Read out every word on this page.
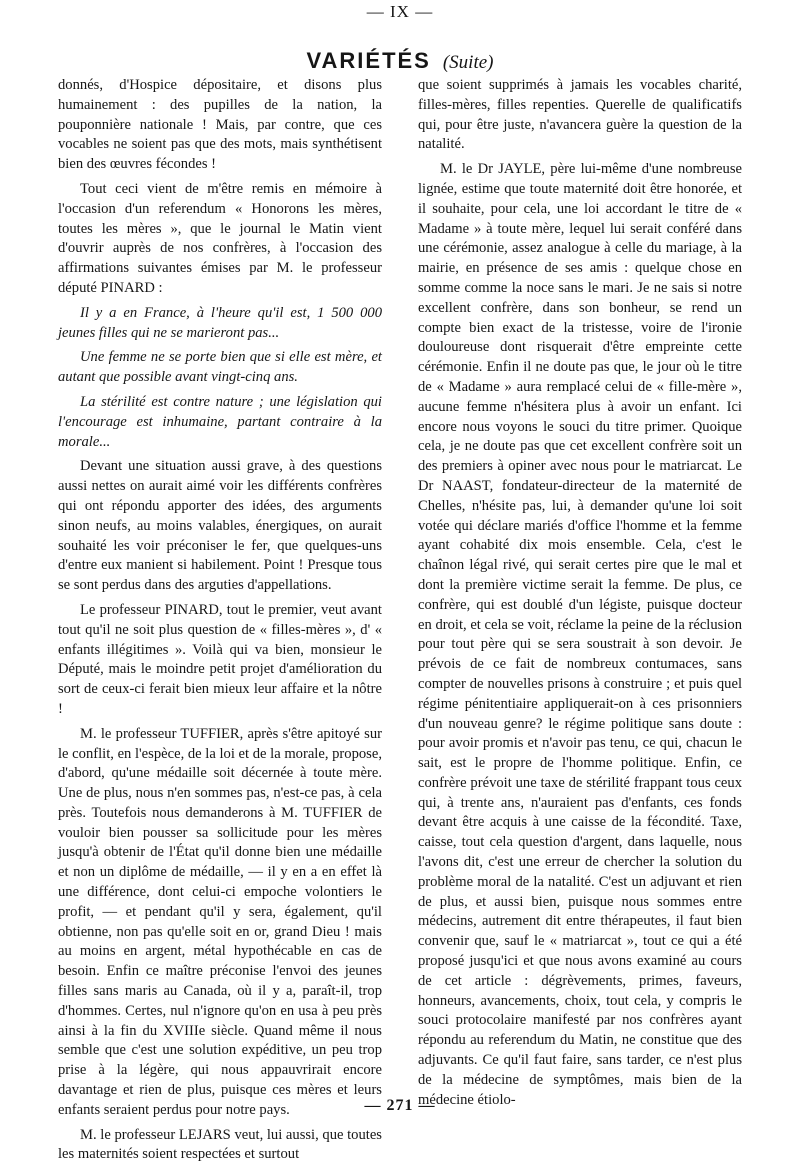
— IX —
VARIÉTÉS (Suite)

donnés, d'Hospice dépositaire, et disons plus humainement : des pupilles de la nation, la pouponnière nationale ! Mais, par contre, que ces vocables ne soient pas que des mots, mais synthétisent bien des œuvres fécondes !

Tout ceci vient de m'être remis en mémoire à l'occasion d'un referendum « Honorons les mères, toutes les mères », que le journal le Matin vient d'ouvrir auprès de nos confrères, à l'occasion des affirmations suivantes émises par M. le professeur député PINARD :

Il y a en France, à l'heure qu'il est, 1 500 000 jeunes filles qui ne se marieront pas...

Une femme ne se porte bien que si elle est mère, et autant que possible avant vingt-cinq ans.

La stérilité est contre nature ; une législation qui l'encourage est inhumaine, partant contraire à la morale...

Devant une situation aussi grave, à des questions aussi nettes on aurait aimé voir les différents confrères qui ont répondu apporter des idées, des arguments sinon neufs, au moins valables, énergiques, on aurait souhaité les voir préconiser le fer, que quelques-uns d'entre eux manient si habilement. Point ! Presque tous se sont perdus dans des arguties d'appellations.

Le professeur PINARD, tout le premier, veut avant tout qu'il ne soit plus question de « filles-mères », d' « enfants illégitimes ». Voilà qui va bien, monsieur le Député, mais le moindre petit projet d'amélioration du sort de ceux-ci ferait bien mieux leur affaire et la nôtre !

M. le professeur TUFFIER, après s'être apitoyé sur le conflit, en l'espèce, de la loi et de la morale, propose, d'abord, qu'une médaille soit décernée à toute mère. Une de plus, nous n'en sommes pas, n'est-ce pas, à cela près. Toutefois nous demanderons à M. TUFFIER de vouloir bien pousser sa sollicitude pour les mères jusqu'à obtenir de l'État qu'il donne bien une médaille et non un diplôme de médaille, — il y en a en effet là une différence, dont celui-ci empoche volontiers le profit, — et pendant qu'il y sera, également, qu'il obtienne, non pas qu'elle soit en or, grand Dieu ! mais au moins en argent, métal hypothécable en cas de besoin. Enfin ce maître préconise l'envoi des jeunes filles sans maris au Canada, où il y a, paraît-il, trop d'hommes. Certes, nul n'ignore qu'on en usa à peu près ainsi à la fin du XVIIIe siècle. Quand même il nous semble que c'est une solution expéditive, un peu trop prise à la légère, qui nous appauvrirait encore davantage et rien de plus, puisque ces mères et leurs enfants seraient perdus pour notre pays.

M. le professeur LEJARS veut, lui aussi, que toutes les maternités soient respectées et surtout

que soient supprimés à jamais les vocables charité, filles-mères, filles repenties. Querelle de qualificatifs qui, pour être juste, n'avancera guère la question de la natalité.

M. le Dr JAYLE, père lui-même d'une nombreuse lignée, estime que toute maternité doit être honorée, et il souhaite, pour cela, une loi accordant le titre de « Madame » à toute mère, lequel lui serait conféré dans une cérémonie, assez analogue à celle du mariage, à la mairie, en présence de ses amis : quelque chose en somme comme la noce sans le mari. Je ne sais si notre excellent confrère, dans son bonheur, se rend un compte bien exact de la tristesse, voire de l'ironie douloureuse dont risquerait d'être empreinte cette cérémonie. Enfin il ne doute pas que, le jour où le titre de « Madame » aura remplacé celui de « fille-mère », aucune femme n'hésitera plus à avoir un enfant. Ici encore nous voyons le souci du titre primer. Quoique cela, je ne doute pas que cet excellent confrère soit un des premiers à opiner avec nous pour le matriarcat. Le Dr NAAST, fondateur-directeur de la maternité de Chelles, n'hésite pas, lui, à demander qu'une loi soit votée qui déclare mariés d'office l'homme et la femme ayant cohabité dix mois ensemble. Cela, c'est le chaînon légal rivé, qui serait certes pire que le mal et dont la première victime serait la femme. De plus, ce confrère, qui est doublé d'un légiste, puisque docteur en droit, et cela se voit, réclame la peine de la réclusion pour tout père qui se sera soustrait à son devoir. Je prévois de ce fait de nombreux contumaces, sans compter de nouvelles prisons à construire ; et puis quel régime pénitentiaire appliquerait-on à ces prisonniers d'un nouveau genre? le régime politique sans doute : pour avoir promis et n'avoir pas tenu, ce qui, chacun le sait, est le propre de l'homme politique. Enfin, ce confrère prévoit une taxe de stérilité frappant tous ceux qui, à trente ans, n'auraient pas d'enfants, ces fonds devant être acquis à une caisse de la fécondité. Taxe, caisse, tout cela question d'argent, dans laquelle, nous l'avons dit, c'est une erreur de chercher la solution du problème moral de la natalité. C'est un adjuvant et rien de plus, et aussi bien, puisque nous sommes entre médecins, autrement dit entre thérapeutes, il faut bien convenir que, sauf le « matriarcat », tout ce qui a été proposé jusqu'ici et que nous avons examiné au cours de cet article : dégrèvements, primes, faveurs, honneurs, avancements, choix, tout cela, y compris le souci protocolaire manifesté par nos confrères ayant répondu au referendum du Matin, ne constitue que des adjuvants. Ce qu'il faut faire, sans tarder, ce n'est plus de la médecine de symptômes, mais bien de la médecine étiolo-

— 271 —
